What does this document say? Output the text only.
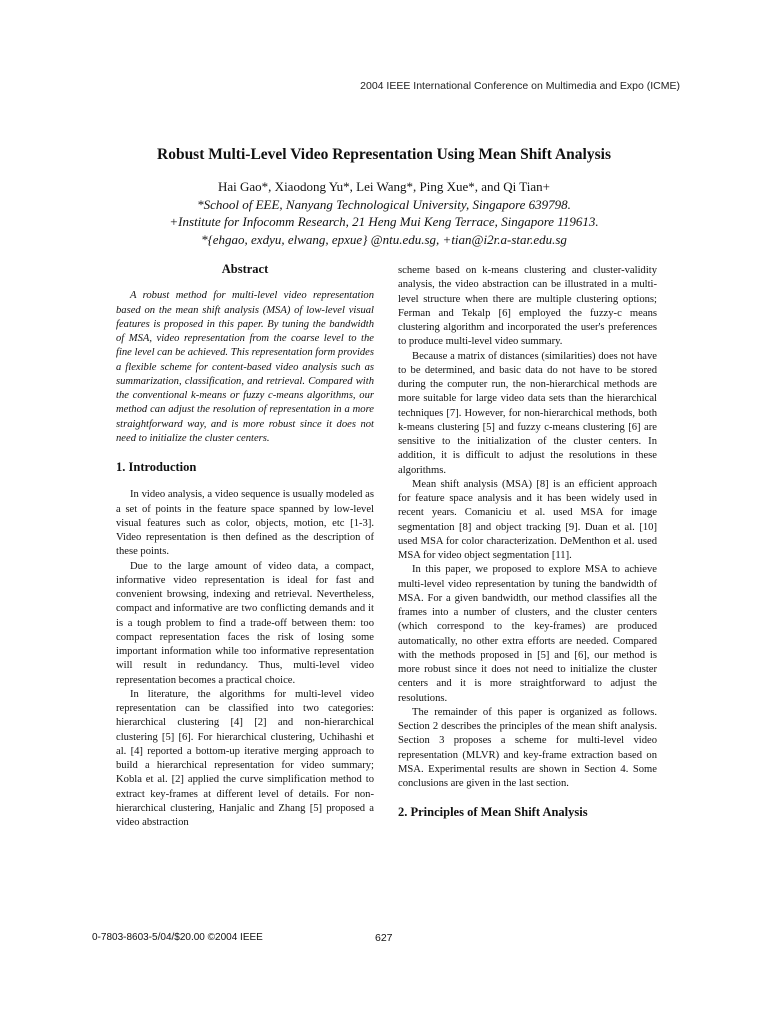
2004 IEEE International Conference on Multimedia and Expo (ICME)
Robust Multi-Level Video Representation Using Mean Shift Analysis
Hai Gao*, Xiaodong Yu*, Lei Wang*, Ping Xue*, and Qi Tian+
*School of EEE, Nanyang Technological University, Singapore 639798.
+Institute for Infocomm Research, 21 Heng Mui Keng Terrace, Singapore 119613.
*{ehgao, exdyu, elwang, epxue} @ntu.edu.sg, +tian@i2r.a-star.edu.sg
Abstract

A robust method for multi-level video representation based on the mean shift analysis (MSA) of low-level visual features is proposed in this paper. By tuning the bandwidth of MSA, video representation from the coarse level to the fine level can be achieved. This representation form provides a flexible scheme for content-based video analysis such as summarization, classification, and retrieval. Compared with the conventional k-means or fuzzy c-means algorithms, our method can adjust the resolution of representation in a more straightforward way, and is more robust since it does not need to initialize the cluster centers.

1. Introduction

In video analysis, a video sequence is usually modeled as a set of points in the feature space spanned by low-level visual features such as color, objects, motion, etc [1-3]. Video representation is then defined as the description of these points.

Due to the large amount of video data, a compact, informative video representation is ideal for fast and convenient browsing, indexing and retrieval. Nevertheless, compact and informative are two conflicting demands and it is a tough problem to find a trade-off between them: too compact representation faces the risk of losing some important information while too informative representation will result in redundancy. Thus, multi-level video representation becomes a practical choice.

In literature, the algorithms for multi-level video representation can be classified into two categories: hierarchical clustering [4] [2] and non-hierarchical clustering [5] [6]. For hierarchical clustering, Uchihashi et al. [4] reported a bottom-up iterative merging approach to build a hierarchical representation for video summary; Kobla et al. [2] applied the curve simplification method to extract key-frames at different level of details. For non-hierarchical clustering, Hanjalic and Zhang [5] proposed a video abstraction

scheme based on k-means clustering and cluster-validity analysis, the video abstraction can be illustrated in a multi-level structure when there are multiple clustering options; Ferman and Tekalp [6] employed the fuzzy-c means clustering algorithm and incorporated the user's preferences to produce multi-level video summary.

Because a matrix of distances (similarities) does not have to be determined, and basic data do not have to be stored during the computer run, the non-hierarchical methods are more suitable for large video data sets than the hierarchical techniques [7]. However, for non-hierarchical methods, both k-means clustering [5] and fuzzy c-means clustering [6] are sensitive to the initialization of the cluster centers. In addition, it is difficult to adjust the resolutions in these algorithms.

Mean shift analysis (MSA) [8] is an efficient approach for feature space analysis and it has been widely used in recent years. Comaniciu et al. used MSA for image segmentation [8] and object tracking [9]. Duan et al. [10] used MSA for color characterization. DeMenthon et al. used MSA for video object segmentation [11].

In this paper, we proposed to explore MSA to achieve multi-level video representation by tuning the bandwidth of MSA. For a given bandwidth, our method classifies all the frames into a number of clusters, and the cluster centers (which correspond to the key-frames) are produced automatically, no other extra efforts are needed. Compared with the methods proposed in [5] and [6], our method is more robust since it does not need to initialize the cluster centers and it is more straightforward to adjust the resolutions.

The remainder of this paper is organized as follows. Section 2 describes the principles of the mean shift analysis. Section 3 proposes a scheme for multi-level video representation (MLVR) and key-frame extraction based on MSA. Experimental results are shown in Section 4. Some conclusions are given in the last section.

2. Principles of Mean Shift Analysis
0-7803-8603-5/04/$20.00 ©2004 IEEE	627
